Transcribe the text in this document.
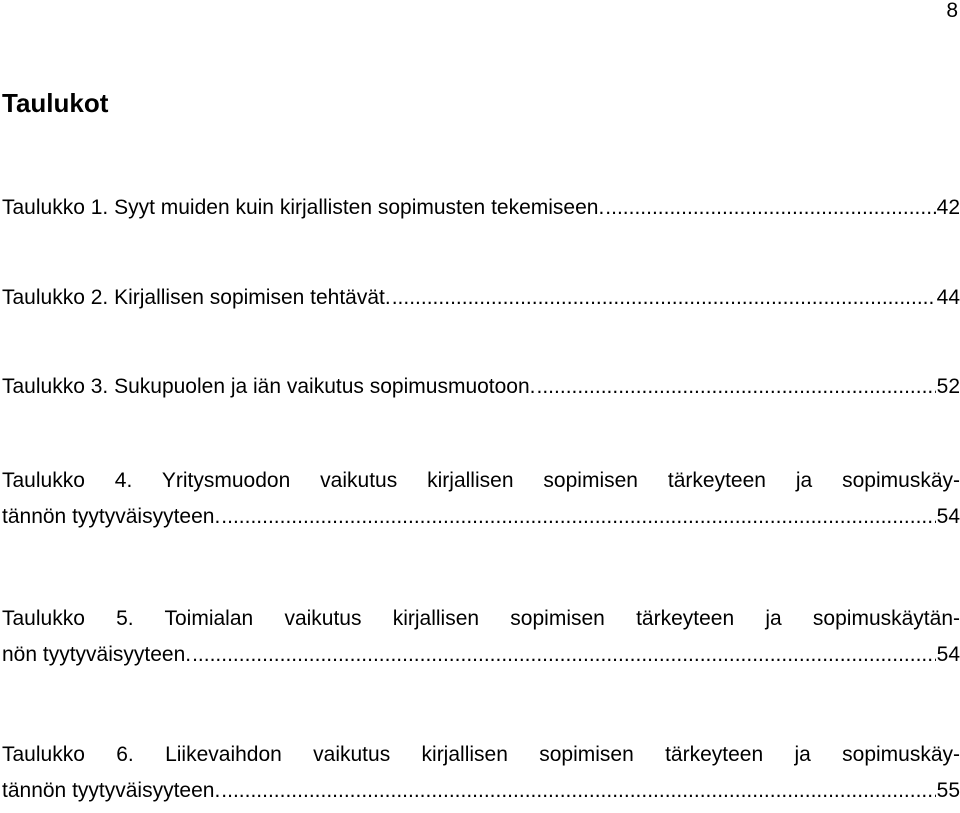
8
Taulukot
Taulukko 1. Syyt muiden kuin kirjallisten sopimusten tekemiseen. .....	42
Taulukko 2. Kirjallisen sopimisen tehtävät. .....	44
Taulukko 3. Sukupuolen ja iän vaikutus sopimusmuotoon. .....	52
Taulukko 4. Yritysmuodon vaikutus kirjallisen sopimisen tärkeyteen ja sopimuskäy-
tännön tyytyväisyyteen. .....	54
Taulukko 5. Toimialan vaikutus kirjallisen sopimisen tärkeyteen ja sopimuskäytän-
nön tyytyväisyyteen. .....	54
Taulukko 6. Liikevaihdon vaikutus kirjallisen sopimisen tärkeyteen ja sopimuskäy-
tännön tyytyväisyyteen. .....	55
